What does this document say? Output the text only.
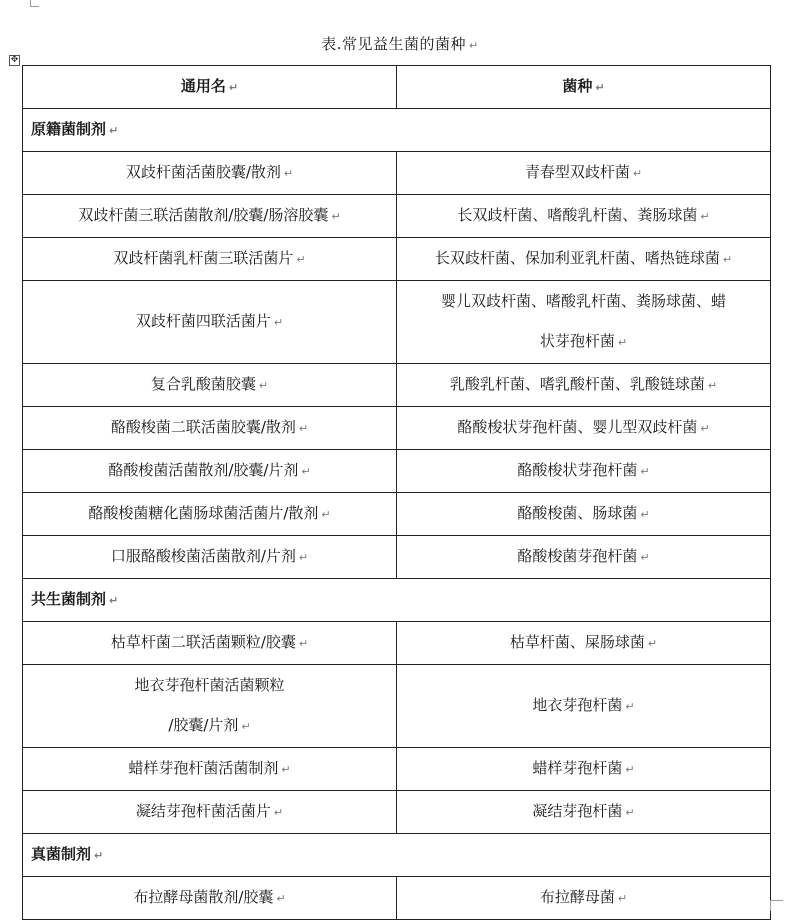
表.常见益生菌的菌种 ↵
✥
通用名 ↵	菌种 ↵
原籍菌制剂 ↵	
双歧杆菌活菌胶囊/散剂 ↵	青春型双歧杆菌 ↵
双歧杆菌三联活菌散剂/胶囊/肠溶胶囊 ↵	长双歧杆菌、嗜酸乳杆菌、粪肠球菌 ↵
双歧杆菌乳杆菌三联活菌片 ↵	长双歧杆菌、保加利亚乳杆菌、嗜热链球菌 ↵
双歧杆菌四联活菌片 ↵	婴儿双歧杆菌、嗜酸乳杆菌、粪肠球菌、蜡
状芽孢杆菌 ↵
复合乳酸菌胶囊 ↵	乳酸乳杆菌、嗜乳酸杆菌、乳酸链球菌 ↵
酪酸梭菌二联活菌胶囊/散剂 ↵	酪酸梭状芽孢杆菌、婴儿型双歧杆菌 ↵
酪酸梭菌活菌散剂/胶囊/片剂 ↵	酪酸梭状芽孢杆菌 ↵
酪酸梭菌糖化菌肠球菌活菌片/散剂 ↵	酪酸梭菌、肠球菌 ↵
口服酪酸梭菌活菌散剂/片剂 ↵	酪酸梭菌芽孢杆菌 ↵
共生菌制剂 ↵	
枯草杆菌二联活菌颗粒/胶囊 ↵	枯草杆菌、屎肠球菌 ↵
地衣芽孢杆菌活菌颗粒
/胶囊/片剂 ↵	地衣芽孢杆菌 ↵
蜡样芽孢杆菌活菌制剂 ↵	蜡样芽孢杆菌 ↵
凝结芽孢杆菌活菌片 ↵	凝结芽孢杆菌 ↵
真菌制剂 ↵	
布拉酵母菌散剂/胶囊 ↵	布拉酵母菌 ↵
